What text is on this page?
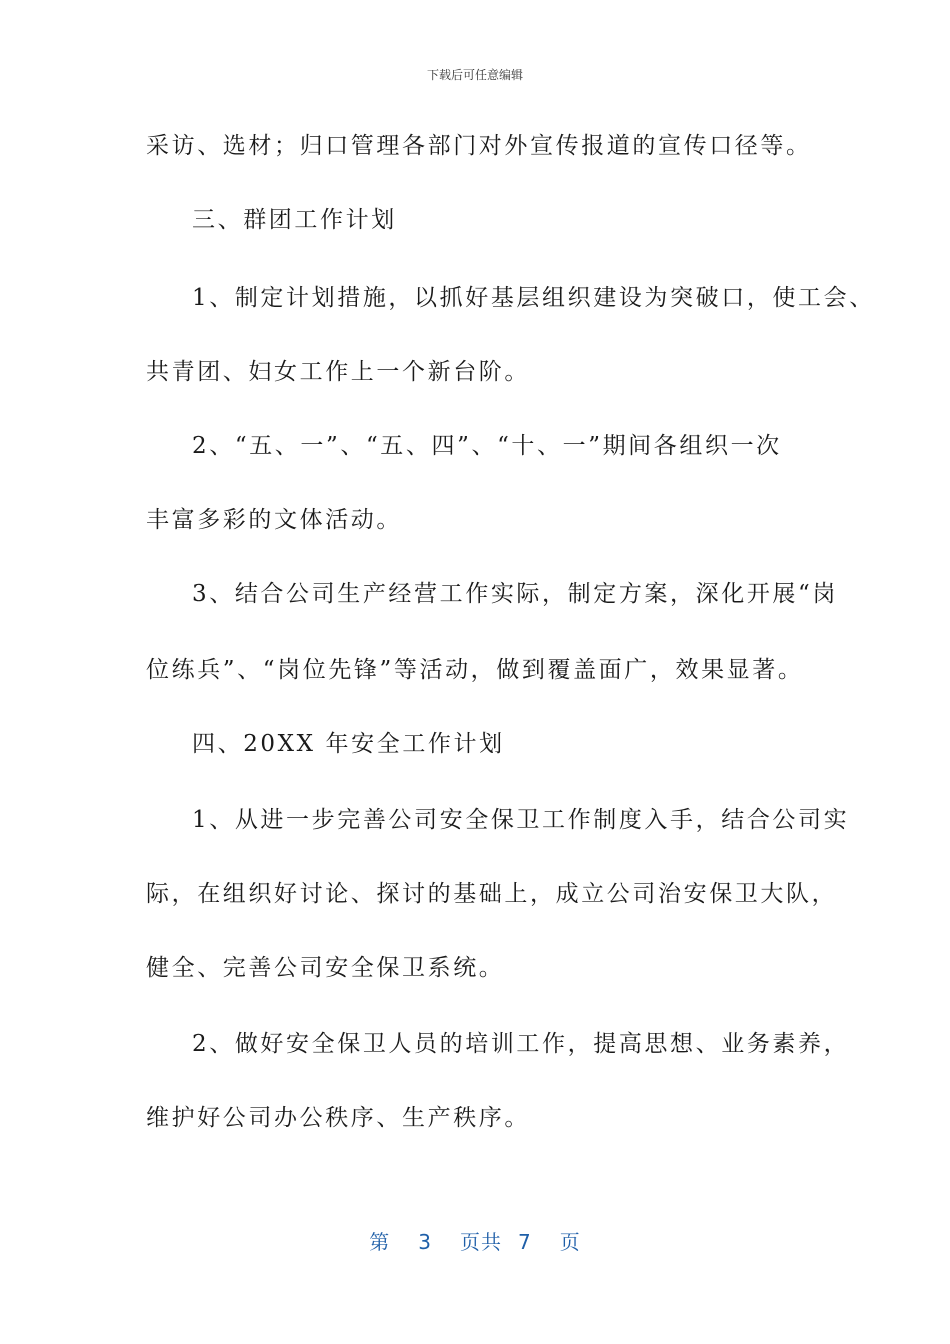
下载后可任意编辑
采访、选材；归口管理各部门对外宣传报道的宣传口径等。
三、群团工作计划
1、制定计划措施，以抓好基层组织建设为突破口，使工会、
共青团、妇女工作上一个新台阶。
2、“五、一”、“五、四”、“十、一”期间各组织一次
丰富多彩的文体活动。
3、结合公司生产经营工作实际，制定方案，深化开展“岗
位练兵”、“岗位先锋”等活动，做到覆盖面广，效果显著。
四、20XX 年安全工作计划
1、从进一步完善公司安全保卫工作制度入手，结合公司实
际，在组织好讨论、探讨的基础上，成立公司治安保卫大队，
健全、完善公司安全保卫系统。
2、做好安全保卫人员的培训工作，提高思想、业务素养，
维护好公司办公秩序、生产秩序。
第 3 页共 7 页
